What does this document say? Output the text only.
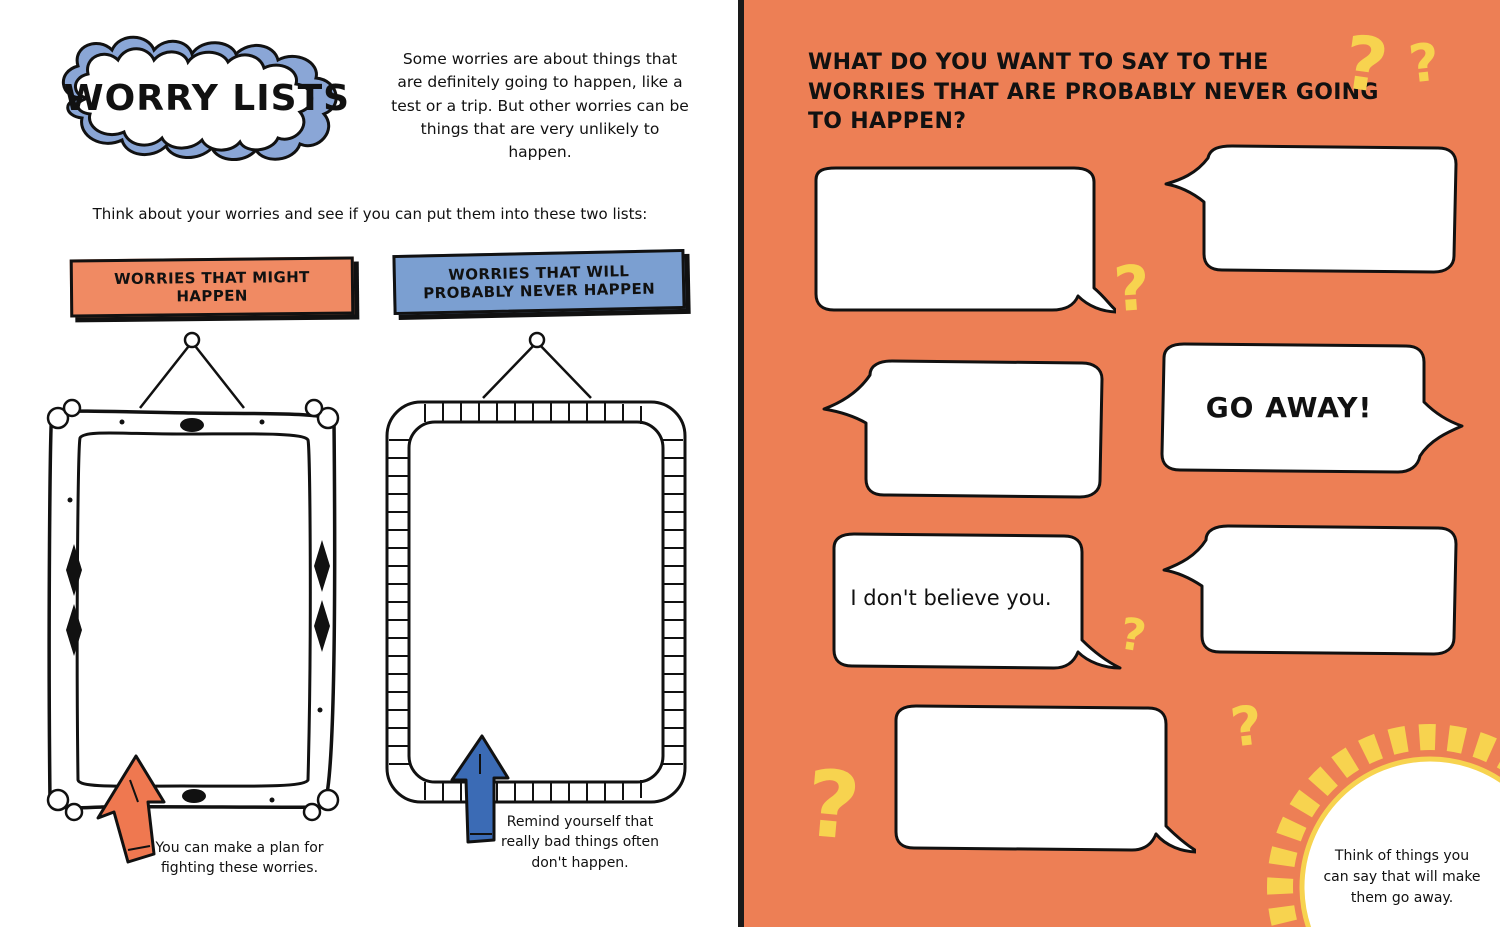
WORRY LISTS
Some worries are about things that are definitely going to happen, like a test or a trip. But other worries can be things that are very unlikely to happen.
Think about your worries and see if you can put them into these two lists:
WORRIES THAT MIGHT HAPPEN
WORRIES THAT WILL PROBABLY NEVER HAPPEN
You can make a plan for fighting these worries.
Remind yourself that really bad things often don't happen.
WHAT DO YOU WANT TO SAY TO THE WORRIES THAT ARE PROBABLY NEVER GOING TO HAPPEN?
? ?
?
?
?
?
GO AWAY!
I don't believe you.
Think of things you can say that will make them go away.
